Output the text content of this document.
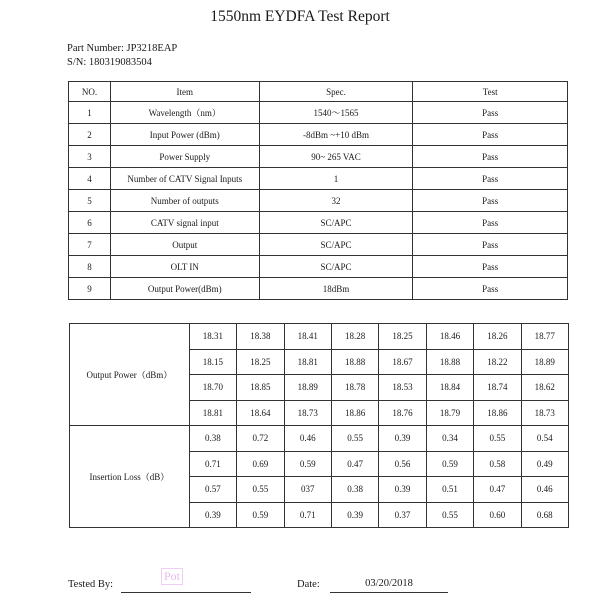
1550nm EYDFA Test Report
Part Number: JP3218EAP
S/N: 180319083504
NO.	Item	Spec.	Test
1	Wavelength（nm）	1540～1565	Pass
2	Input Power (dBm)	-8dBm ~+10 dBm	Pass
3	Power Supply	90~ 265 VAC	Pass
4	Number of CATV Signal Inputs	1	Pass
5	Number of outputs	32	Pass
6	CATV signal input	SC/APC	Pass
7	Output	SC/APC	Pass
8	OLT IN	SC/APC	Pass
9	Output Power(dBm)	18dBm	Pass
Output Power（dBm）	18.31	18.38	18.41	18.28	18.25	18.46	18.26	18.77
	18.15	18.25	18.81	18.88	18.67	18.88	18.22	18.89
	18.70	18.85	18.89	18.78	18.53	18.84	18.74	18.62
	18.81	18.64	18.73	18.86	18.76	18.79	18.86	18.73
Insertion Loss（dB）	0.38	0.72	0.46	0.55	0.39	0.34	0.55	0.54
	0.71	0.69	0.59	0.47	0.56	0.59	0.58	0.49
	0.57	0.55	037	0.38	0.39	0.51	0.47	0.46
	0.39	0.59	0.71	0.39	0.37	0.55	0.60	0.68
Tested By:
Pot
Date:	03/20/2018
